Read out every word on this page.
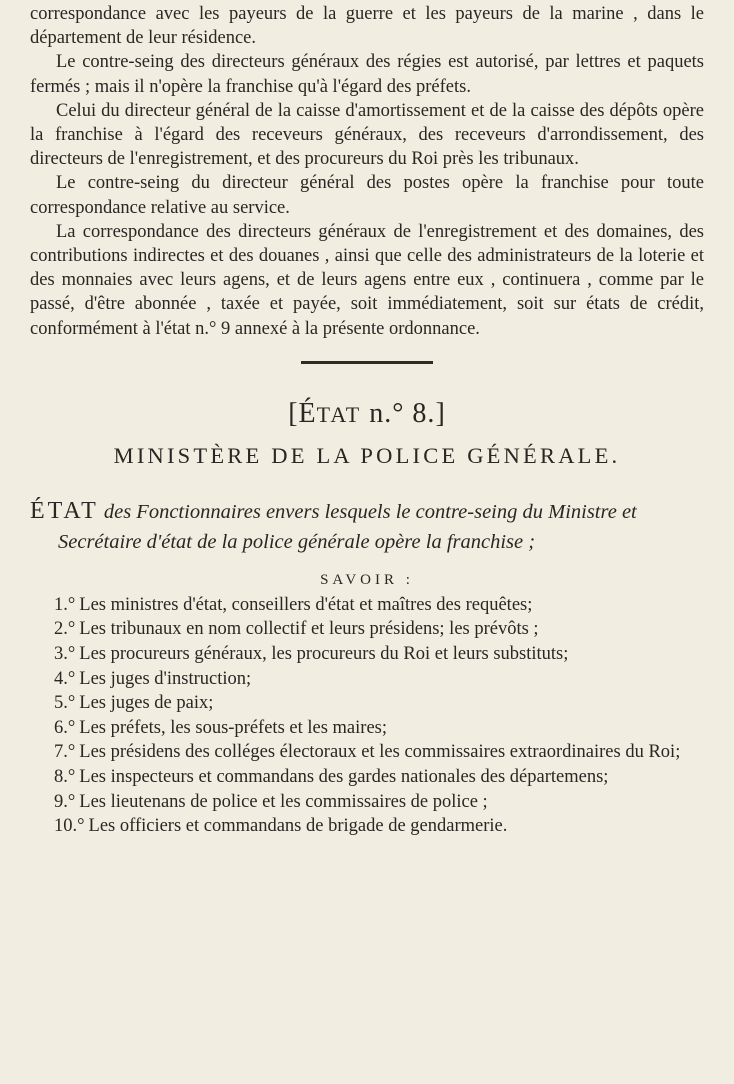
correspondance avec les payeurs de la guerre et les payeurs de la marine , dans le département de leur résidence.

Le contre-seing des directeurs généraux des régies est autorisé, par lettres et paquets fermés ; mais il n'opère la franchise qu'à l'égard des préfets.

Celui du directeur général de la caisse d'amortissement et de la caisse des dépôts opère la franchise à l'égard des receveurs généraux, des receveurs d'arrondissement, des directeurs de l'enregistrement, et des procureurs du Roi près les tribunaux.

Le contre-seing du directeur général des postes opère la franchise pour toute correspondance relative au service.

La correspondance des directeurs généraux de l'enregistrement et des domaines, des contributions indirectes et des douanes , ainsi que celle des administrateurs de la loterie et des monnaies avec leurs agens, et de leurs agens entre eux , continuera , comme par le passé, d'être abonnée , taxée et payée, soit immédiatement, soit sur états de crédit, conformément à l'état n.° 9 annexé à la présente ordonnance.

[ÉTAT n.° 8.]
MINISTÈRE DE LA POLICE GÉNÉRALE.
ÉTAT des Fonctionnaires envers lesquels le contre-seing du Ministre et Secrétaire d'état de la police générale opère la franchise ;
SAVOIR :

1.° Les ministres d'état, conseillers d'état et maîtres des requêtes;

2.° Les tribunaux en nom collectif et leurs présidens; les prévôts ;

3.° Les procureurs généraux, les procureurs du Roi et leurs substituts;

4.° Les juges d'instruction;

5.° Les juges de paix;

6.° Les préfets, les sous-préfets et les maires;

7.° Les présidens des colléges électoraux et les commissaires extraordinaires du Roi;

8.° Les inspecteurs et commandans des gardes nationales des départemens;

9.° Les lieutenans de police et les commissaires de police ;

10.° Les officiers et commandans de brigade de gendarmerie.
